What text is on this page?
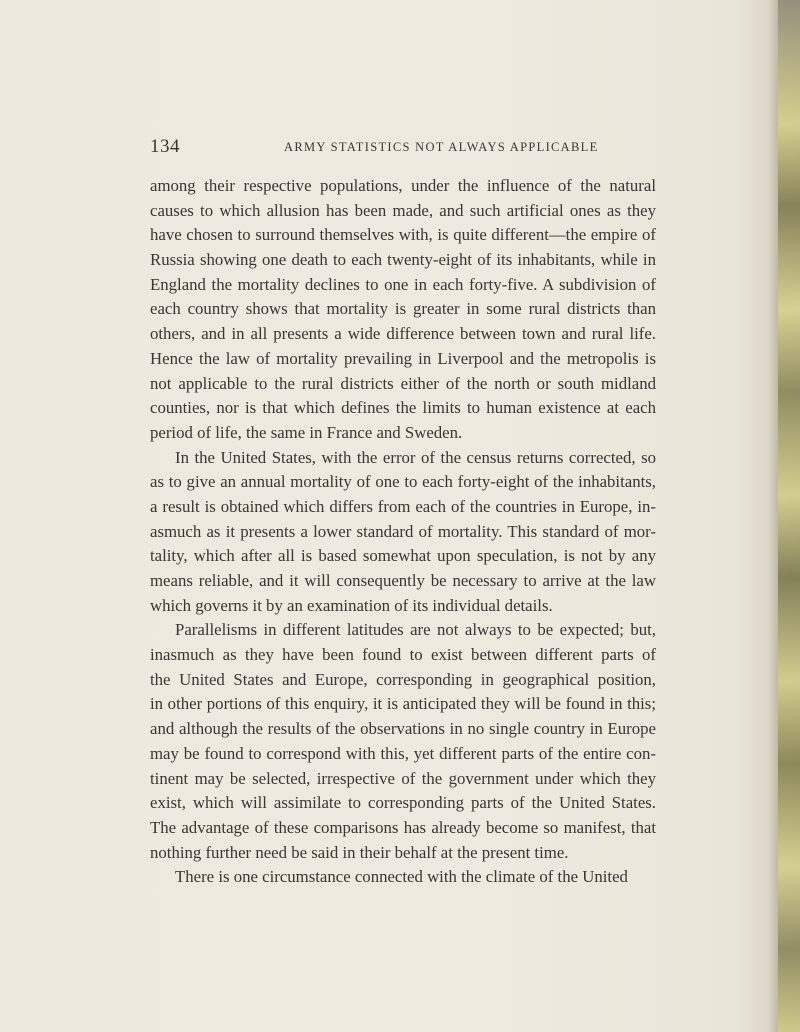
134	ARMY STATISTICS NOT ALWAYS APPLICABLE
among their respective populations, under the influence of the natural
causes to which allusion has been made, and such artificial ones as they
have chosen to surround themselves with, is quite different—the empire of
Russia showing one death to each twenty-eight of its inhabitants, while in
England the mortality declines to one in each forty-five. A subdivision of
each country shows that mortality is greater in some rural districts than
others, and in all presents a wide difference between town and rural life.
Hence the law of mortality prevailing in Liverpool and the metropolis is
not applicable to the rural districts either of the north or south midland
counties, nor is that which defines the limits to human existence at each
period of life, the same in France and Sweden.
In the United States, with the error of the census returns corrected, so
as to give an annual mortality of one to each forty-eight of the inhabitants,
a result is obtained which differs from each of the countries in Europe, in-
asmuch as it presents a lower standard of mortality. This standard of mor-
tality, which after all is based somewhat upon speculation, is not by any
means reliable, and it will consequently be necessary to arrive at the law
which governs it by an examination of its individual details.
Parallelisms in different latitudes are not always to be expected; but,
inasmuch as they have been found to exist between different parts of
the United States and Europe, corresponding in geographical position,
in other portions of this enquiry, it is anticipated they will be found in this;
and although the results of the observations in no single country in Europe
may be found to correspond with this, yet different parts of the entire con-
tinent may be selected, irrespective of the government under which they
exist, which will assimilate to corresponding parts of the United States.
The advantage of these comparisons has already become so manifest, that
nothing further need be said in their behalf at the present time.
There is one circumstance connected with the climate of the United
